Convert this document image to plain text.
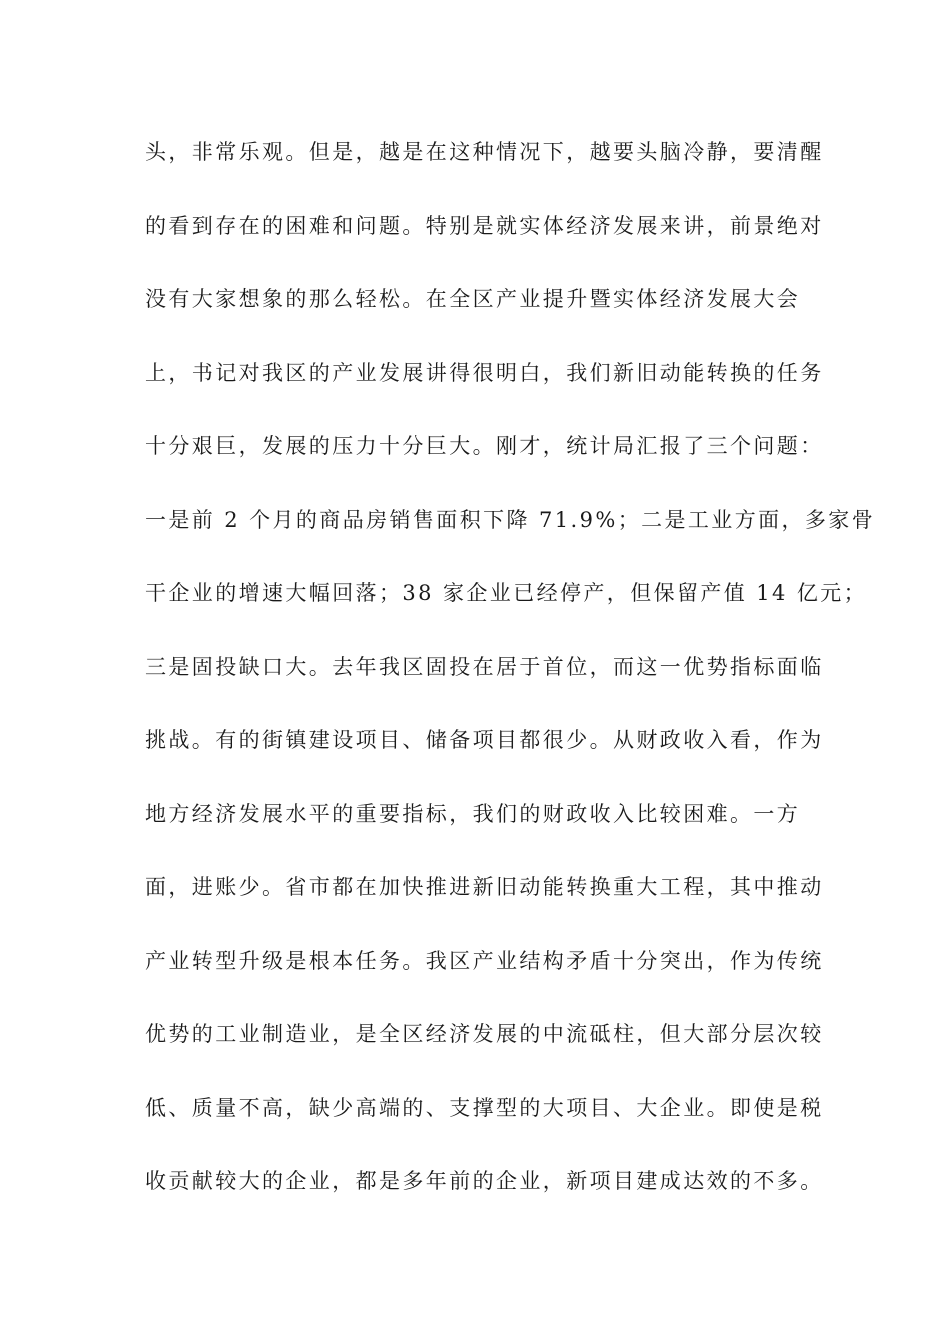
头，非常乐观。但是，越是在这种情况下，越要头脑冷静，要清醒
的看到存在的困难和问题。特别是就实体经济发展来讲，前景绝对
没有大家想象的那么轻松。在全区产业提升暨实体经济发展大会
上，书记对我区的产业发展讲得很明白，我们新旧动能转换的任务
十分艰巨，发展的压力十分巨大。刚才，统计局汇报了三个问题：
一是前 2 个月的商品房销售面积下降 71.9%；二是工业方面，多家骨
干企业的增速大幅回落；38 家企业已经停产，但保留产值 14 亿元；
三是固投缺口大。去年我区固投在居于首位，而这一优势指标面临
挑战。有的街镇建设项目、储备项目都很少。从财政收入看，作为
地方经济发展水平的重要指标，我们的财政收入比较困难。一方
面，进账少。省市都在加快推进新旧动能转换重大工程，其中推动
产业转型升级是根本任务。我区产业结构矛盾十分突出，作为传统
优势的工业制造业，是全区经济发展的中流砥柱，但大部分层次较
低、质量不高，缺少高端的、支撑型的大项目、大企业。即使是税
收贡献较大的企业，都是多年前的企业，新项目建成达效的不多。
